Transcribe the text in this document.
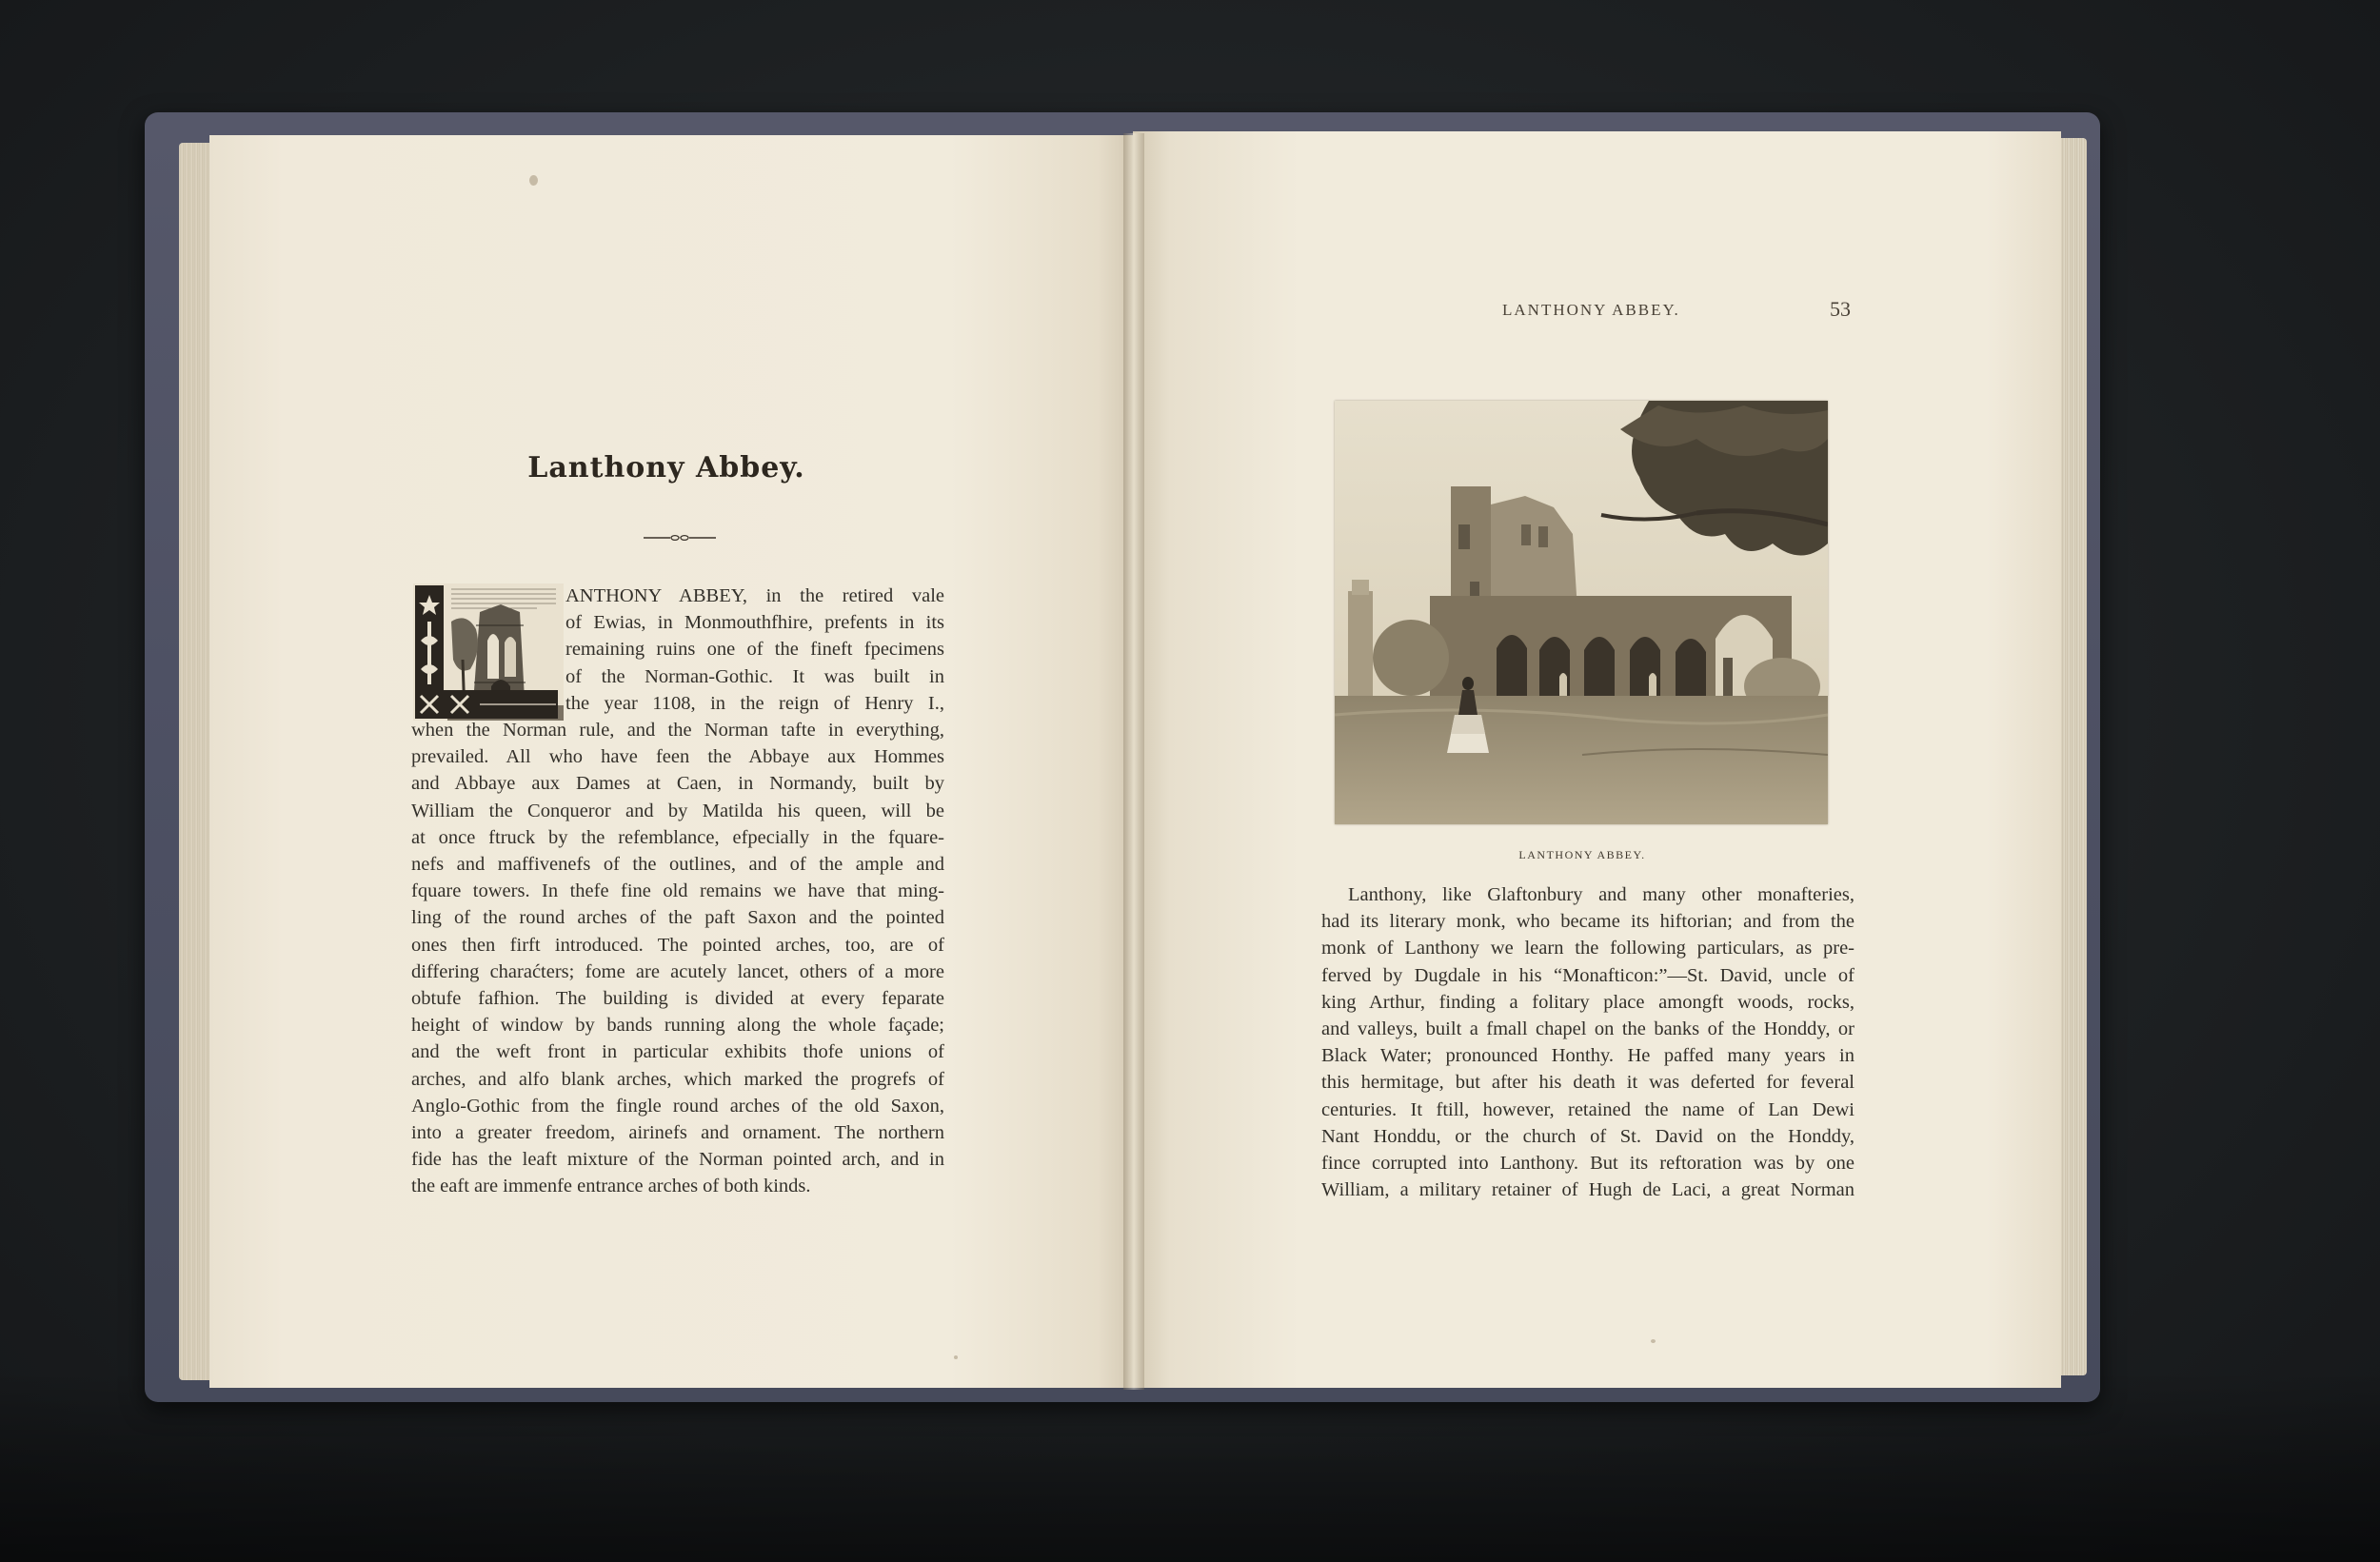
Lanthony Abbey.

ANTHONY ABBEY, in the retired vale
of Ewias, in Monmouthfhire, prefents in its
remaining ruins one of the fineft fpecimens
of the Norman-Gothic. It was built in
the year 1108, in the reign of Henry I.,

when the Norman rule, and the Norman tafte in everything,
prevailed. All who have feen the Abbaye aux Hommes
and Abbaye aux Dames at Caen, in Normandy, built by
William the Conqueror and by Matilda his queen, will be
at once ftruck by the refemblance, efpecially in the fquare-
nefs and maffivenefs of the outlines, and of the ample and
fquare towers. In thefe fine old remains we have that ming-
ling of the round arches of the paft Saxon and the pointed
ones then firft introduced. The pointed arches, too, are of
differing charaćters; fome are acutely lancet, others of a more
obtufe fafhion. The building is divided at every feparate
height of window by bands running along the whole façade;
and the weft front in particular exhibits thofe unions of
arches, and alfo blank arches, which marked the progrefs of
Anglo-Gothic from the fingle round arches of the old Saxon,
into a greater freedom, airinefs and ornament. The northern
fide has the leaft mixture of the Norman pointed arch, and in
the eaft are immenfe entrance arches of both kinds.

LANTHONY ABBEY.	53
LANTHONY ABBEY.

Lanthony, like Glaftonbury and many other monafteries,
had its literary monk, who became its hiftorian; and from the
monk of Lanthony we learn the following particulars, as pre-
ferved by Dugdale in his “Monafticon:”—St. David, uncle of
king Arthur, finding a folitary place amongft woods, rocks,
and valleys, built a fmall chapel on the banks of the Honddy, or
Black Water; pronounced Honthy. He paffed many years in
this hermitage, but after his death it was deferted for feveral
centuries. It ftill, however, retained the name of Lan Dewi
Nant Honddu, or the church of St. David on the Honddy,
fince corrupted into Lanthony. But its reftoration was by one
William, a military retainer of Hugh de Laci, a great Norman
